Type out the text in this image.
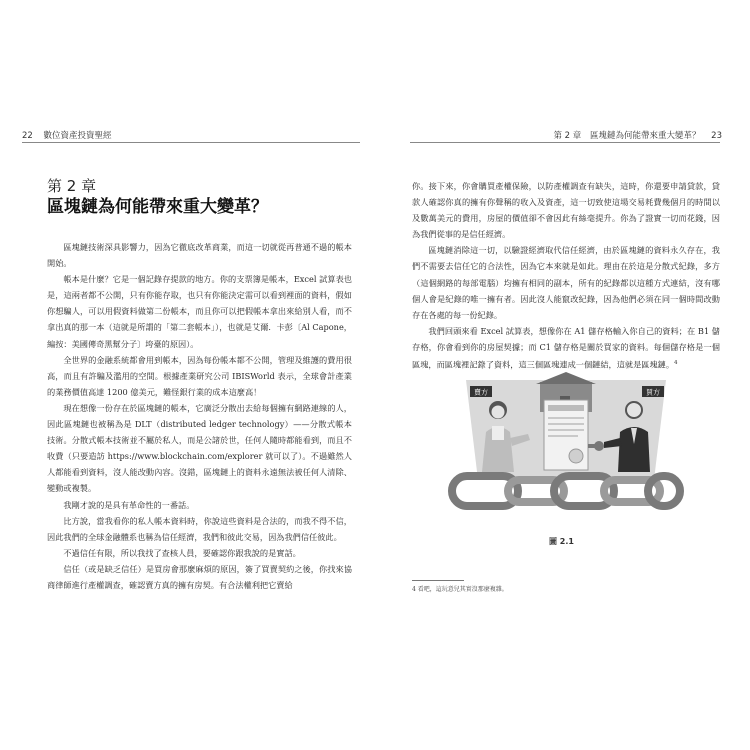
22 數位資產投資聖經	第 2 章 區塊鏈為何能帶來重大變革？ 23
第 2 章
區塊鏈為何能帶來重大變革？

區塊鏈技術深具影響力，因為它徹底改革商業，而這一切就從再普通不過的帳本開始。

帳本是什麼？它是一個記錄存提款的地方。你的支票簿是帳本，Excel 試算表也是，這兩者都不公開，只有你能存取，也只有你能決定需可以看到裡面的資料，假如你想騙人，可以用假資料做第二份帳本，而且你可以把假帳本拿出來給別人看，而不拿出真的那一本（這就是所謂的「第二套帳本」），也就是艾爾．卡彭〔Al Capone，編按：美國傳奇黑幫分子〕垮臺的原因）。

全世界的金融系統都會用到帳本，因為每份帳本都不公開，管理及維護的費用很高，而且有許騙及濫用的空間。根據產業研究公司 IBISWorld 表示，全球會計產業的業務價值高達 1200 億美元，難怪銀行業的成本這麼高！

現在想像一份存在於區塊鏈的帳本，它廣泛分散出去給每個擁有網路連線的人，因此區塊鏈也被稱為是 DLT（distributed ledger technology）——分散式帳本技術。分散式帳本技術並不屬於私人，而是公諸於世，任何人隨時都能看到，而且不收費（只要造訪 https://www.blockchain.com/explorer 就可以了）。不過雖然人人都能看到資料，沒人能改動內容。沒錯，區塊鏈上的資料永遠無法被任何人清除、變動或複製。

我剛才說的是具有革命性的一番話。

比方說，當我看你的私人帳本資料時，你說這些資料是合法的，而我不得不信，因此我們的全球金融體系也稱為信任經濟，我們和彼此交易，因為我們信任彼此。

不過信任有限，所以我找了查核人員，要確認你跟我說的是實話。

信任（或是缺乏信任）是買房會那麼麻煩的原因，簽了買賣契約之後，你找來協商律師進行產權調查，確認賣方真的擁有房契。有合法權利把它賣給

你。接下來，你會購買產權保險，以防產權調查有缺失，這時，你還要申請貸款，貸款人確認你真的擁有你聲稱的收入及資產，這一切致使這場交易耗費幾個月的時間以及數萬美元的費用，房屋的價值卻不會因此有絲毫提升。你為了證實一切而花錢，因為我們從事的是信任經濟。

區塊鏈消除這一切，以驗證經濟取代信任經濟，由於區塊鏈的資料永久存在，我們不需要去信任它的合法性，因為它本來就是如此。理由在於這是分散式紀錄，多方（這個網路的每部電腦）均擁有相同的副本，所有的紀錄都以這種方式連結，沒有哪個人會是紀錄的唯一擁有者。因此沒人能竄改紀錄，因為他們必須在同一個時間改動存在各處的每一份紀錄。

我們回頭來看 Excel 試算表，想像你在 A1 儲存格輸入你自己的資料；在 B1 儲存格，你會看到你的房屋契據；而 C1 儲存格是關於買家的資料。每個儲存格是一個區塊，而區塊裡記錄了資料，這三個區塊連成一個鏈結，這就是區塊鏈。$^4$

賣方	買方
圖 2.1
4 看吧，這玩意兒其實沒那麼複雜。
